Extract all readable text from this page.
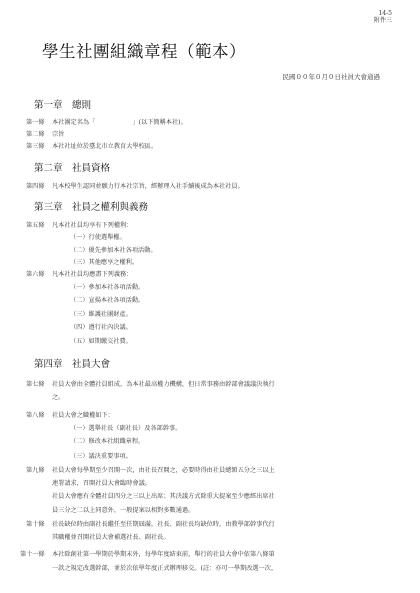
14-5
附件三
學生社團組織章程（範本）
民國００年０月０日社員大會通過
第一章　總則
第一條 本社團定名為「　　　　　　」(以下簡稱本社)。
第二條 宗旨
第三條 本社社址位於臺北市立教育大學校區。
第二章　社員資格
第四條 凡本校學生認同並願力行本社宗旨，經辦理入社手續後成為本社社員。
第三章　社員之權利與義務
第五條 凡本社社員均享有下列權利：
（一）行使選舉權。
（二）優先參加本社各項活動。
（三）其他應享之權利。
第六條 凡本社社員均應盡下列義務：
（一）參加本社各項活動。
（二）宣揚本社各項活動。
（三）維護社團財產。
（四）遵行社內決議。
（五）如期繳交社費。
第四章　社員大會
第七條 社員大會由全體社員組成，為本社最高權力機構，但日常事務由幹部會議議決執行
之。
第八條 社員大會之職權如下：
（一）選舉社長（副社長）及各部幹事。
（二）修改本社組織章程。
（三）議決重要事項。
第九條 社員大會每學期至少召開一次，由社長召開之，必要時得由社員總額五分之三以上
連署請求，召開社員大會臨時會議。
社員大會應有全體社員四分之三以上出席；其決議方式除重大提案至少應經出席社
員三分之二以上同意外，一般提案以相對多數通過。
第十條 社長缺位時由副社長繼任至任期屆滿，社長、副社長均缺位時，由教學部幹事代行
其職權並召開社員大會補選社長、副社長。
第十一條 本社除創社第一學期於學期末外，每學年度結束前，舉行的社員大會中依第八條第
一款之規定改選幹部，並於次依學年度正式辦理移交。(註：亦可一學期改選一次，
